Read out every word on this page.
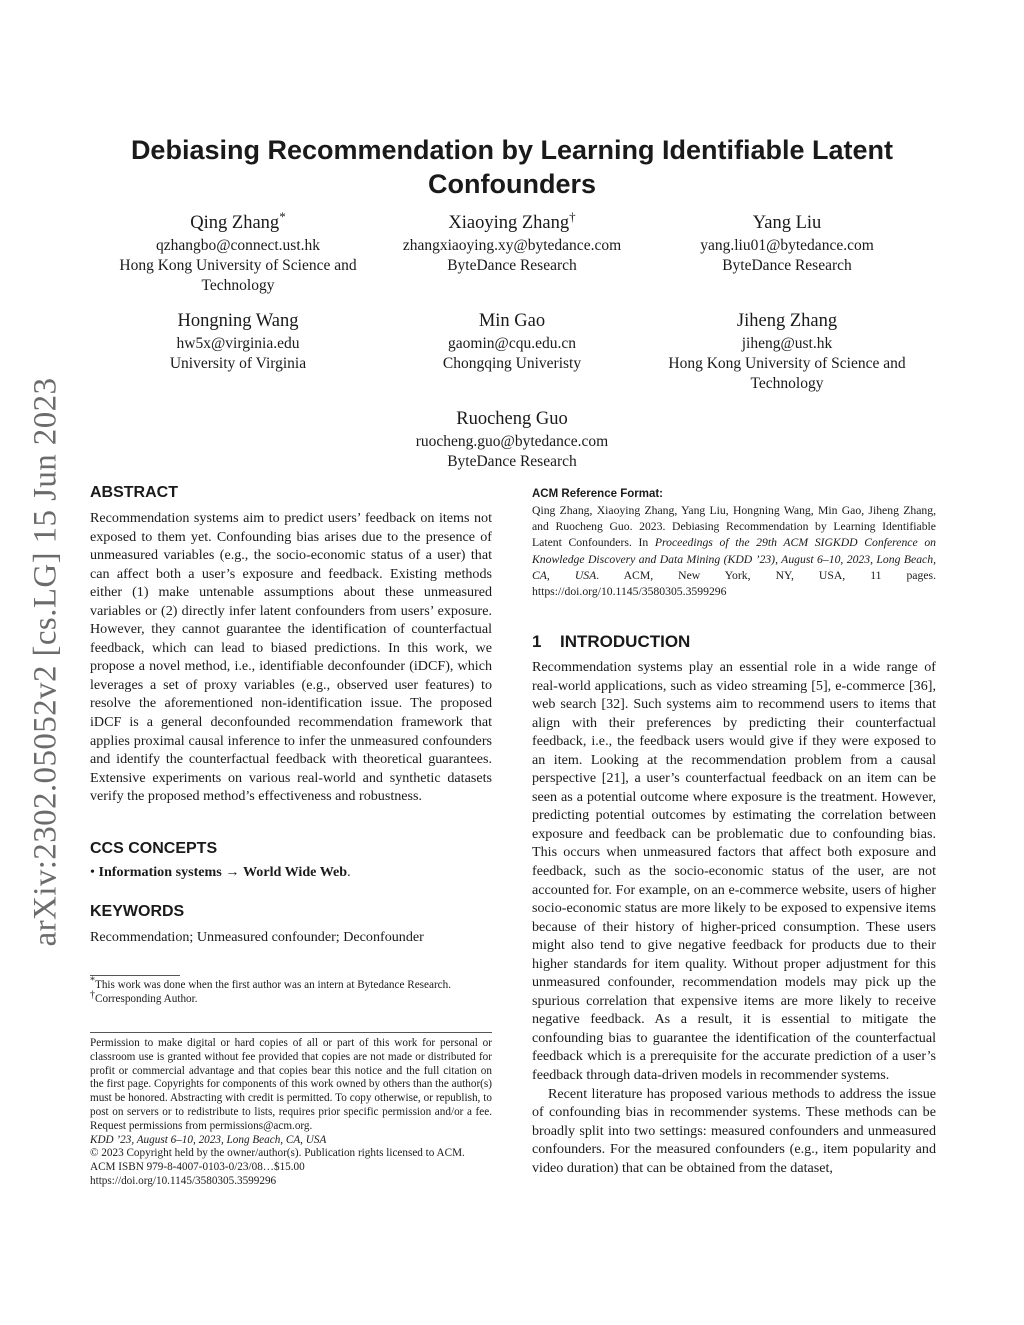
arXiv:2302.05052v2 [cs.LG] 15 Jun 2023
Debiasing Recommendation by Learning Identifiable Latent Confounders
Qing Zhang*
qzhangbo@connect.ust.hk
Hong Kong University of Science and Technology
Xiaoying Zhang†
zhangxiaoying.xy@bytedance.com
ByteDance Research
Yang Liu
yang.liu01@bytedance.com
ByteDance Research
Hongning Wang
hw5x@virginia.edu
University of Virginia
Min Gao
gaomin@cqu.edu.cn
Chongqing Univeristy
Jiheng Zhang
jiheng@ust.hk
Hong Kong University of Science and Technology
Ruocheng Guo
ruocheng.guo@bytedance.com
ByteDance Research
ABSTRACT

Recommendation systems aim to predict users’ feedback on items not exposed to them yet. Confounding bias arises due to the presence of unmeasured variables (e.g., the socio-economic status of a user) that can affect both a user’s exposure and feedback. Existing methods either (1) make untenable assumptions about these unmeasured variables or (2) directly infer latent confounders from users’ exposure. However, they cannot guarantee the identification of counterfactual feedback, which can lead to biased predictions. In this work, we propose a novel method, i.e., identifiable deconfounder (iDCF), which leverages a set of proxy variables (e.g., observed user features) to resolve the aforementioned non-identification issue. The proposed iDCF is a general deconfounded recommendation framework that applies proximal causal inference to infer the unmeasured confounders and identify the counterfactual feedback with theoretical guarantees. Extensive experiments on various real-world and synthetic datasets verify the proposed method’s effectiveness and robustness.

CCS CONCEPTS

• Information systems → World Wide Web.

KEYWORDS

Recommendation; Unmeasured confounder; Deconfounder

*This work was done when the first author was an intern at Bytedance Research.
†Corresponding Author.
Permission to make digital or hard copies of all or part of this work for personal or classroom use is granted without fee provided that copies are not made or distributed for profit or commercial advantage and that copies bear this notice and the full citation on the first page. Copyrights for components of this work owned by others than the author(s) must be honored. Abstracting with credit is permitted. To copy otherwise, or republish, to post on servers or to redistribute to lists, requires prior specific permission and/or a fee. Request permissions from permissions@acm.org.
KDD ’23, August 6–10, 2023, Long Beach, CA, USA
© 2023 Copyright held by the owner/author(s). Publication rights licensed to ACM.
ACM ISBN 979-8-4007-0103-0/23/08…$15.00
https://doi.org/10.1145/3580305.3599296
ACM Reference Format:
Qing Zhang, Xiaoying Zhang, Yang Liu, Hongning Wang, Min Gao, Jiheng Zhang, and Ruocheng Guo. 2023. Debiasing Recommendation by Learning Identifiable Latent Confounders. In Proceedings of the 29th ACM SIGKDD Conference on Knowledge Discovery and Data Mining (KDD ’23), August 6–10, 2023, Long Beach, CA, USA. ACM, New York, NY, USA, 11 pages. https://doi.org/10.1145/3580305.3599296
1 INTRODUCTION

Recommendation systems play an essential role in a wide range of real-world applications, such as video streaming [5], e-commerce [36], web search [32]. Such systems aim to recommend users to items that align with their preferences by predicting their counterfactual feedback, i.e., the feedback users would give if they were exposed to an item. Looking at the recommendation problem from a causal perspective [21], a user’s counterfactual feedback on an item can be seen as a potential outcome where exposure is the treatment. However, predicting potential outcomes by estimating the correlation between exposure and feedback can be problematic due to confounding bias. This occurs when unmeasured factors that affect both exposure and feedback, such as the socio-economic status of the user, are not accounted for. For example, on an e-commerce website, users of higher socio-economic status are more likely to be exposed to expensive items because of their history of higher-priced consumption. These users might also tend to give negative feedback for products due to their higher standards for item quality. Without proper adjustment for this unmeasured confounder, recommendation models may pick up the spurious correlation that expensive items are more likely to receive negative feedback. As a result, it is essential to mitigate the confounding bias to guarantee the identification of the counterfactual feedback which is a prerequisite for the accurate prediction of a user’s feedback through data-driven models in recommender systems.

Recent literature has proposed various methods to address the issue of confounding bias in recommender systems. These methods can be broadly split into two settings: measured confounders and unmeasured confounders. For the measured confounders (e.g., item popularity and video duration) that can be obtained from the dataset,
